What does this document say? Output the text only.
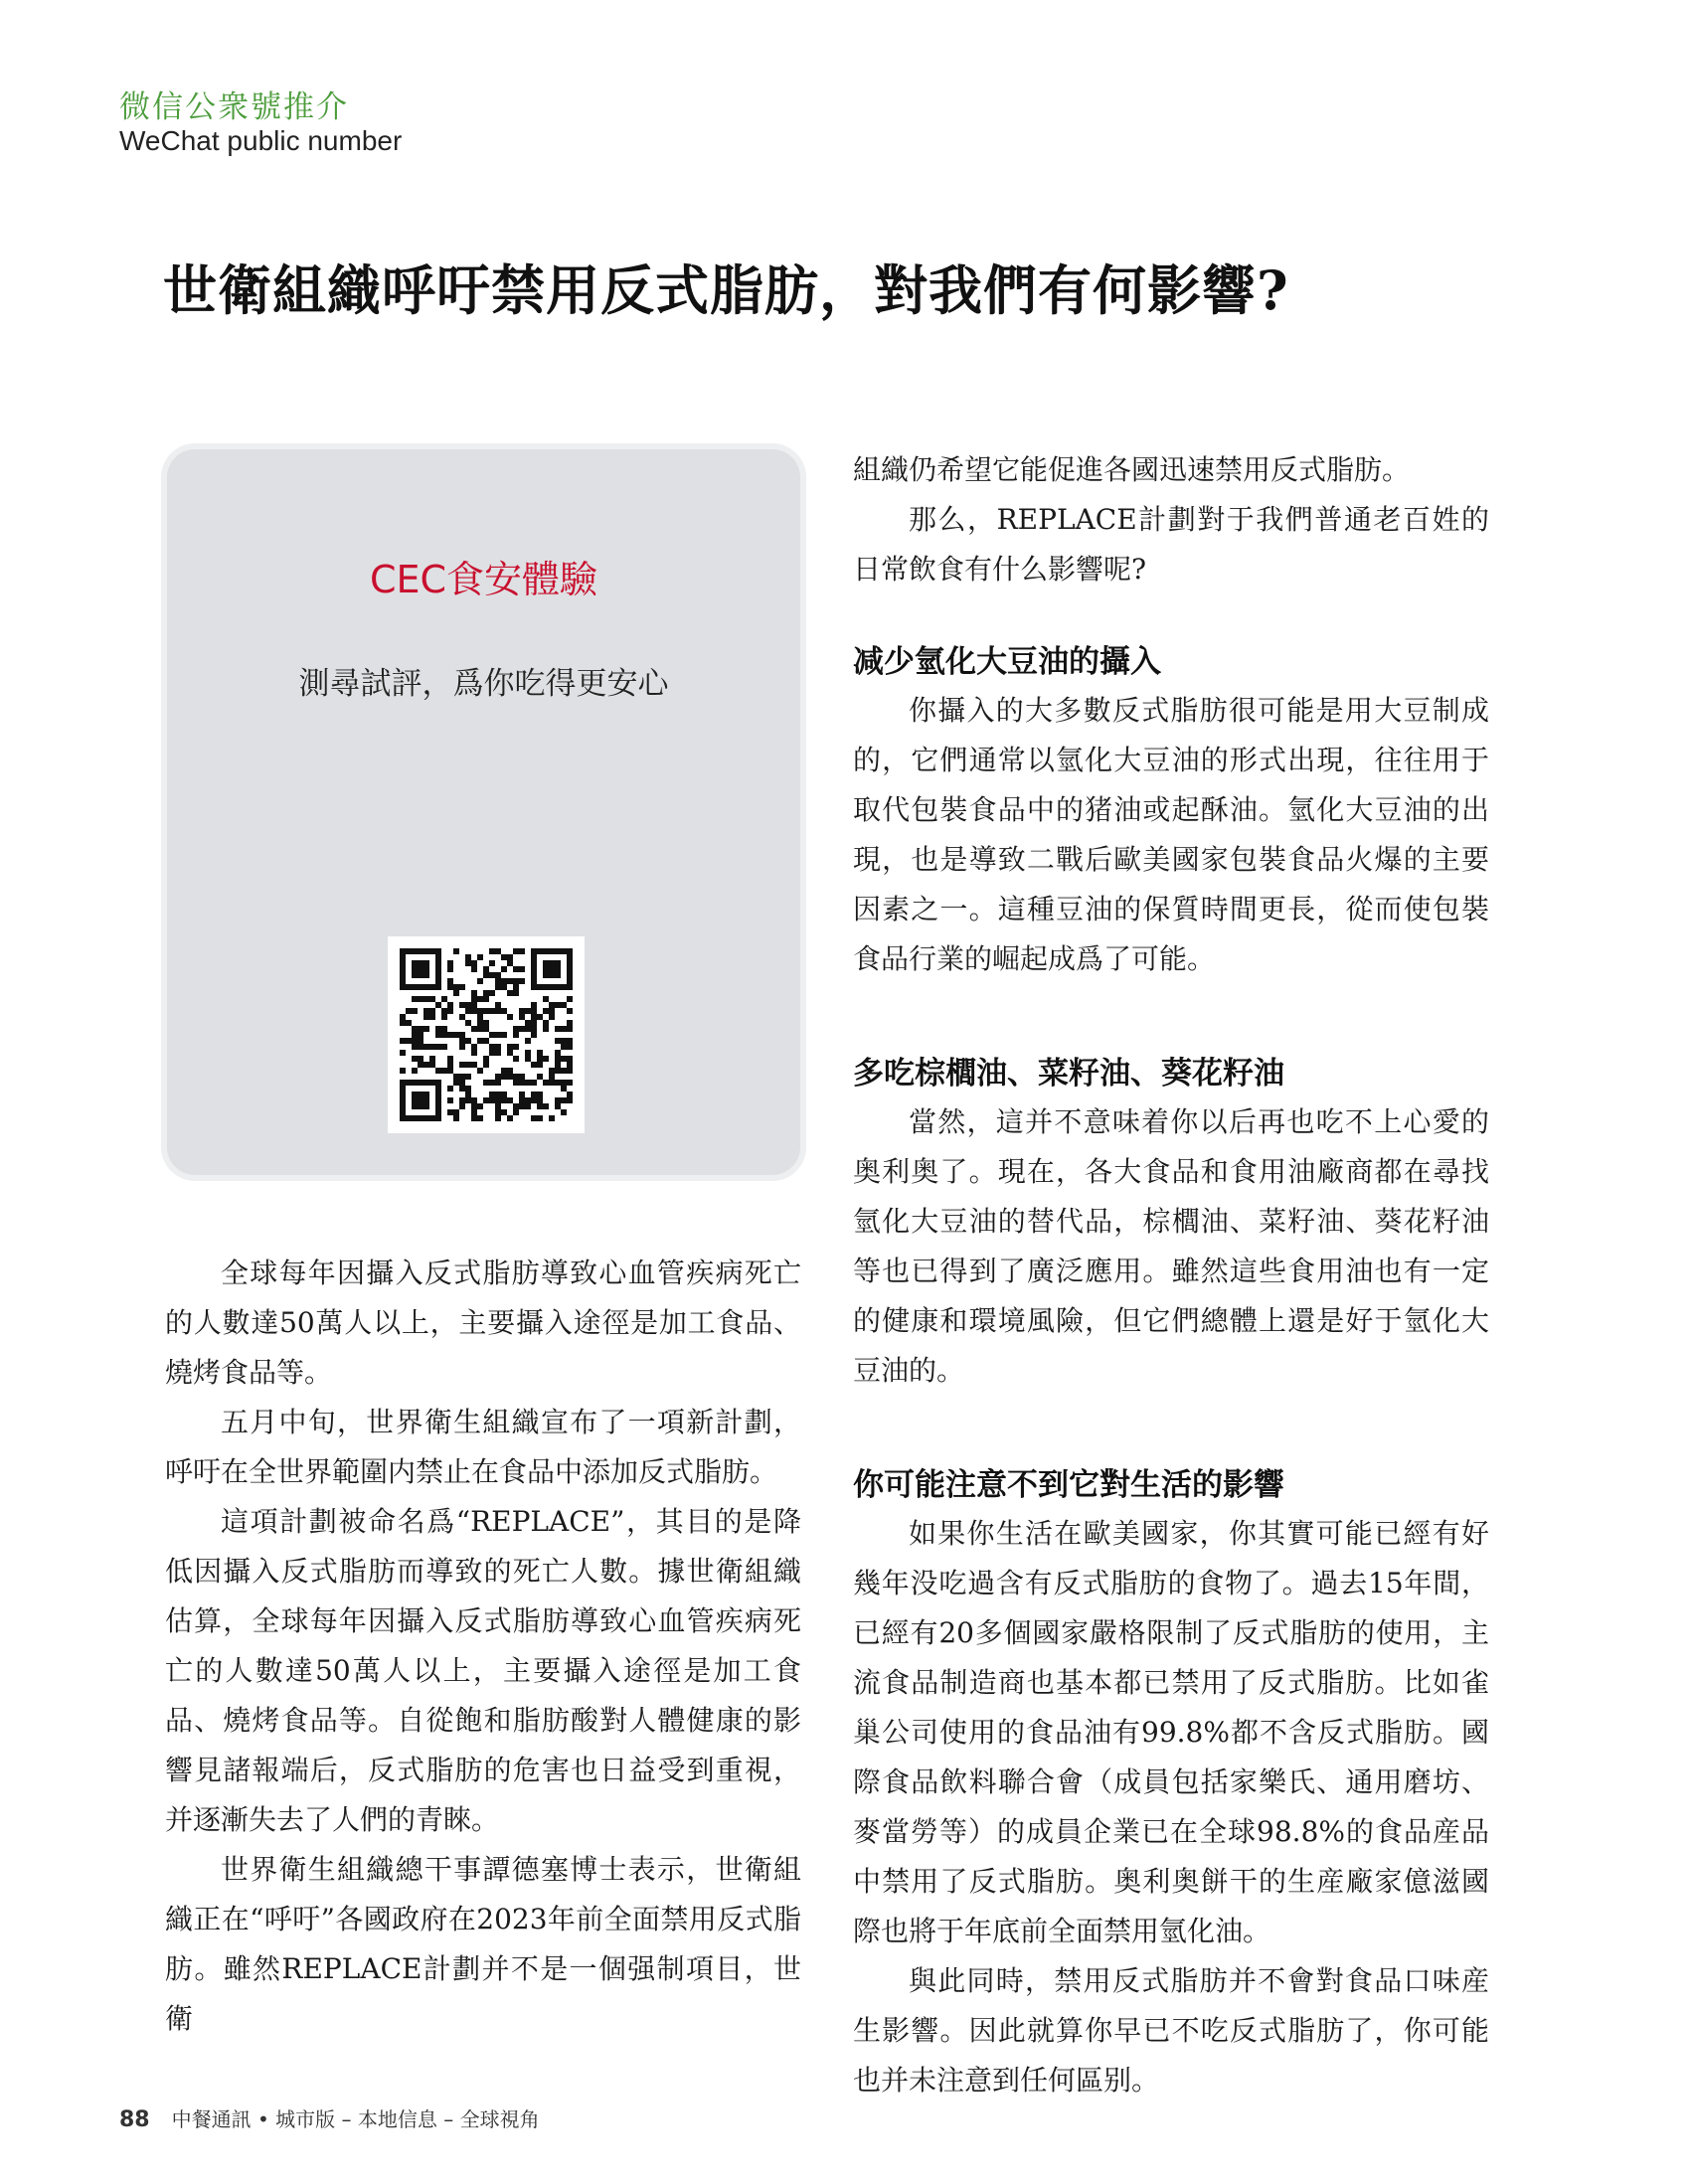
微信公衆號推介
WeChat public number
世衛組織呼吁禁用反式脂肪，對我們有何影響?
CEC食安體驗
測尋試評，爲你吃得更安心

全球每年因攝入反式脂肪導致心血管疾病死亡的人數達50萬人以上，主要攝入途徑是加工食品、燒烤食品等。

五月中旬，世界衛生組織宣布了一項新計劃，呼吁在全世界範圍内禁止在食品中添加反式脂肪。

這項計劃被命名爲“REPLACE”，其目的是降低因攝入反式脂肪而導致的死亡人數。據世衛組織估算，全球每年因攝入反式脂肪導致心血管疾病死亡的人數達50萬人以上，主要攝入途徑是加工食品、燒烤食品等。自從飽和脂肪酸對人體健康的影響見諸報端后，反式脂肪的危害也日益受到重視，并逐漸失去了人們的青睞。

世界衛生組織總干事譚德塞博士表示，世衛組織正在“呼吁”各國政府在2023年前全面禁用反式脂肪。雖然REPLACE計劃并不是一個强制項目，世衛

組織仍希望它能促進各國迅速禁用反式脂肪。

那么，REPLACE計劃對于我們普通老百姓的日常飲食有什么影響呢?

减少氫化大豆油的攝入

你攝入的大多數反式脂肪很可能是用大豆制成的，它們通常以氫化大豆油的形式出現，往往用于取代包裝食品中的猪油或起酥油。氫化大豆油的出現，也是導致二戰后歐美國家包裝食品火爆的主要因素之一。這種豆油的保質時間更長，從而使包裝食品行業的崛起成爲了可能。

多吃棕櫚油、菜籽油、葵花籽油

當然，這并不意味着你以后再也吃不上心愛的奥利奥了。現在，各大食品和食用油廠商都在尋找氫化大豆油的替代品，棕櫚油、菜籽油、葵花籽油等也已得到了廣泛應用。雖然這些食用油也有一定的健康和環境風險，但它們總體上還是好于氫化大豆油的。

你可能注意不到它對生活的影響

如果你生活在歐美國家，你其實可能已經有好幾年没吃過含有反式脂肪的食物了。過去15年間，已經有20多個國家嚴格限制了反式脂肪的使用，主流食品制造商也基本都已禁用了反式脂肪。比如雀巢公司使用的食品油有99.8%都不含反式脂肪。國際食品飲料聯合會（成員包括家樂氏、通用磨坊、麥當勞等）的成員企業已在全球98.8%的食品産品中禁用了反式脂肪。奥利奥餅干的生産廠家億滋國際也將于年底前全面禁用氫化油。

與此同時，禁用反式脂肪并不會對食品口味産生影響。因此就算你早已不吃反式脂肪了，你可能也并未注意到任何區别。

88 中餐通訊 • 城市版 – 本地信息 – 全球視角
